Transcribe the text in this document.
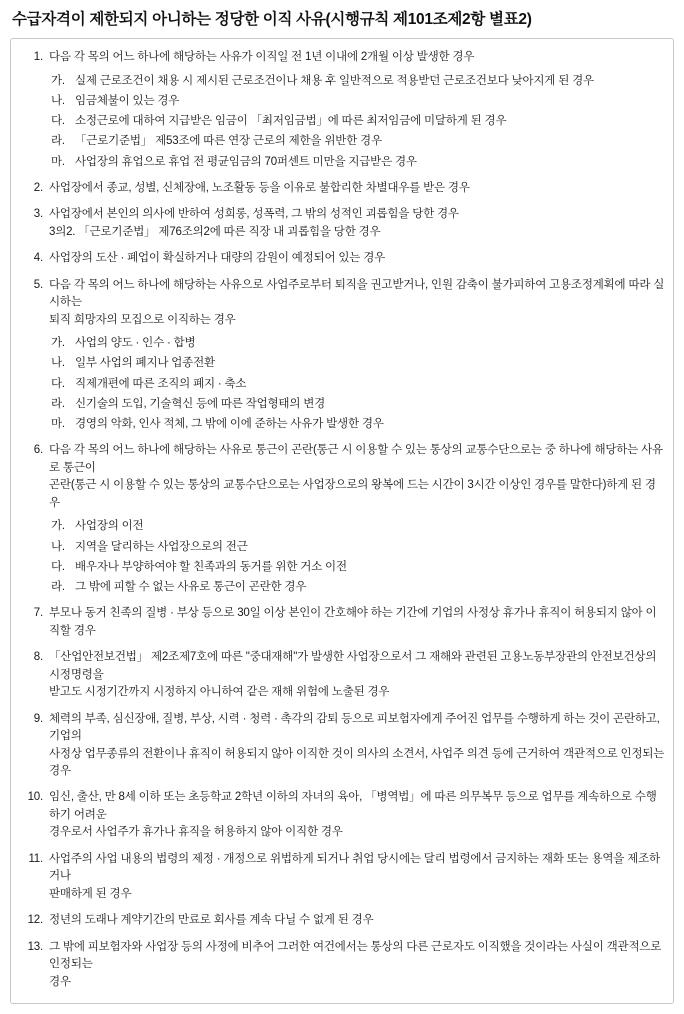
수급자격이 제한되지 아니하는 정당한 이직 사유(시행규칙 제101조제2항 별표2)
1. 다음 각 목의 어느 하나에 해당하는 사유가 이직일 전 1년 이내에 2개월 이상 발생한 경우
가. 실제 근로조건이 채용 시 제시된 근로조건이나 채용 후 일반적으로 적용받던 근로조건보다 낮아지게 된 경우
나. 임금체불이 있는 경우
다. 소정근로에 대하여 지급받은 임금이 「최저임금법」에 따른 최저임금에 미달하게 된 경우
라. 「근로기준법」 제53조에 따른 연장 근로의 제한을 위반한 경우
마. 사업장의 휴업으로 휴업 전 평균임금의 70퍼센트 미만을 지급받은 경우
2. 사업장에서 종교, 성별, 신체장애, 노조활동 등을 이유로 불합리한 차별대우를 받은 경우
3. 사업장에서 본인의 의사에 반하여 성희롱, 성폭력, 그 밖의 성적인 괴롭힘을 당한 경우
3의2. 「근로기준법」 제76조의2에 따른 직장 내 괴롭힘을 당한 경우
4. 사업장의 도산 · 폐업이 확실하거나 대량의 감원이 예정되어 있는 경우
5. 다음 각 목의 어느 하나에 해당하는 사유으로 사업주로부터 퇴직을 권고받거나, 인원 감축이 불가피하여 고용조정계획에 따라 실시하는
퇴직 희망자의 모집으로 이직하는 경우
가. 사업의 양도 · 인수 · 합병
나. 일부 사업의 폐지나 업종전환
다. 직제개편에 따른 조직의 폐지 · 축소
라. 신기술의 도입, 기술혁신 등에 따른 작업형태의 변경
마. 경영의 악화, 인사 적체, 그 밖에 이에 준하는 사유가 발생한 경우
6. 다음 각 목의 어느 하나에 해당하는 사유로 통근이 곤란(통근 시 이용할 수 있는 통상의 교통수단으로는 중 하나에 해당하는 사유로 통근이
곤란(통근 시 이용할 수 있는 통상의 교통수단으로는 사업장으로의 왕복에 드는 시간이 3시간 이상인 경우를 말한다)하게 된 경우
가. 사업장의 이전
나. 지역을 달리하는 사업장으로의 전근
다. 배우자나 부양하여야 할 친족과의 동거를 위한 거소 이전
라. 그 밖에 피할 수 없는 사유로 통근이 곤란한 경우
7. 부모나 동거 친족의 질병 · 부상 등으로 30일 이상 본인이 간호해야 하는 기간에 기업의 사정상 휴가나 휴직이 허용되지 않아 이직할 경우
8. 「산업안전보건법」 제2조제7호에 따른 "중대재해"가 발생한 사업장으로서 그 재해와 관련된 고용노동부장관의 안전보건상의 시정명령을
받고도 시정기간까지 시정하지 아니하여 같은 재해 위험에 노출된 경우
9. 체력의 부족, 심신장애, 질병, 부상, 시력 · 청력 · 촉각의 감퇴 등으로 피보험자에게 주어진 업무를 수행하게 하는 것이 곤란하고, 기업의
사정상 업무종류의 전환이나 휴직이 허용되지 않아 이직한 것이 의사의 소견서, 사업주 의견 등에 근거하여 객관적으로 인정되는 경우
10. 임신, 출산, 만 8세 이하 또는 초등학교 2학년 이하의 자녀의 육아, 「병역법」에 따른 의무복무 등으로 업무를 계속하으로 수행하기 어려운
경우로서 사업주가 휴가나 휴직을 허용하지 않아 이직한 경우
11. 사업주의 사업 내용의 법령의 제정 · 개정으로 위법하게 되거나 취업 당시에는 달리 법령에서 금지하는 재화 또는 용역을 제조하거나
판매하게 된 경우
12. 정년의 도래나 계약기간의 만료로 회사를 계속 다닐 수 없게 된 경우
13. 그 밖에 피보험자와 사업장 등의 사정에 비추어 그러한 여건에서는 통상의 다른 근로자도 이직했을 것이라는 사실이 객관적으로 인정되는
경우
